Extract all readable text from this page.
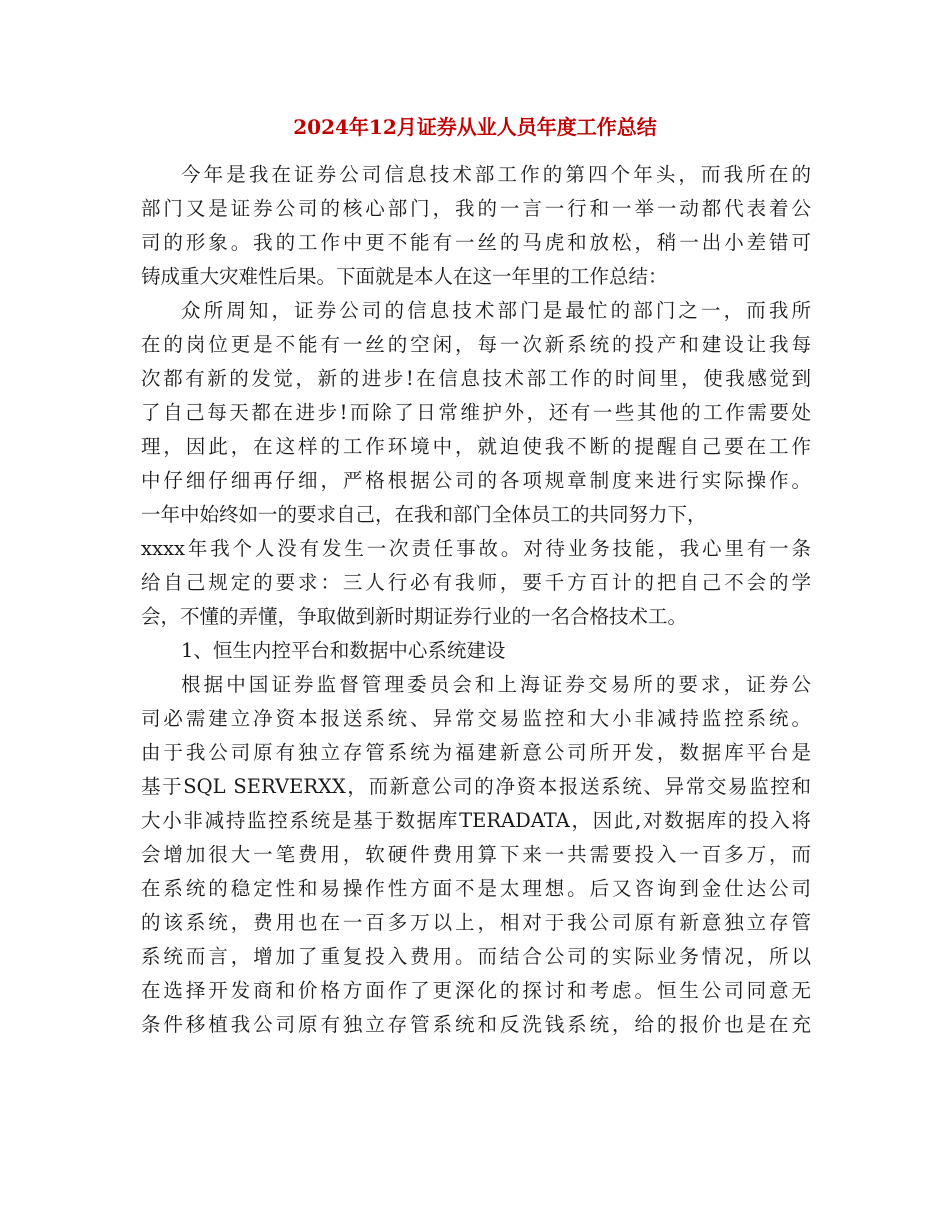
2024年12月证券从业人员年度工作总结
今年是我在证券公司信息技术部工作的第四个年头，而我所在的
部门又是证券公司的核心部门，我的一言一行和一举一动都代表着公
司的形象。我的工作中更不能有一丝的马虎和放松，稍一出小差错可
铸成重大灾难性后果。下面就是本人在这一年里的工作总结：
众所周知，证券公司的信息技术部门是最忙的部门之一，而我所
在的岗位更是不能有一丝的空闲，每一次新系统的投产和建设让我每
次都有新的发觉，新的进步!在信息技术部工作的时间里，使我感觉到
了自己每天都在进步!而除了日常维护外，还有一些其他的工作需要处
理，因此，在这样的工作环境中，就迫使我不断的提醒自己要在工作
中仔细仔细再仔细，严格根据公司的各项规章制度来进行实际操作。
一年中始终如一的要求自己，在我和部门全体员工的共同努力下，
xxxx年我个人没有发生一次责任事故。对待业务技能，我心里有一条
给自己规定的要求：三人行必有我师，要千方百计的把自己不会的学
会，不懂的弄懂，争取做到新时期证券行业的一名合格技术工。
1、恒生内控平台和数据中心系统建设
根据中国证券监督管理委员会和上海证券交易所的要求，证券公
司必需建立净资本报送系统、异常交易监控和大小非减持监控系统。
由于我公司原有独立存管系统为福建新意公司所开发，数据库平台是
基于SQL SERVERXX，而新意公司的净资本报送系统、异常交易监控和
大小非减持监控系统是基于数据库TERADATA，因此,对数据库的投入将
会增加很大一笔费用，软硬件费用算下来一共需要投入一百多万，而
在系统的稳定性和易操作性方面不是太理想。后又咨询到金仕达公司
的该系统，费用也在一百多万以上，相对于我公司原有新意独立存管
系统而言，增加了重复投入费用。而结合公司的实际业务情况，所以
在选择开发商和价格方面作了更深化的探讨和考虑。恒生公司同意无
条件移植我公司原有独立存管系统和反洗钱系统，给的报价也是在充
